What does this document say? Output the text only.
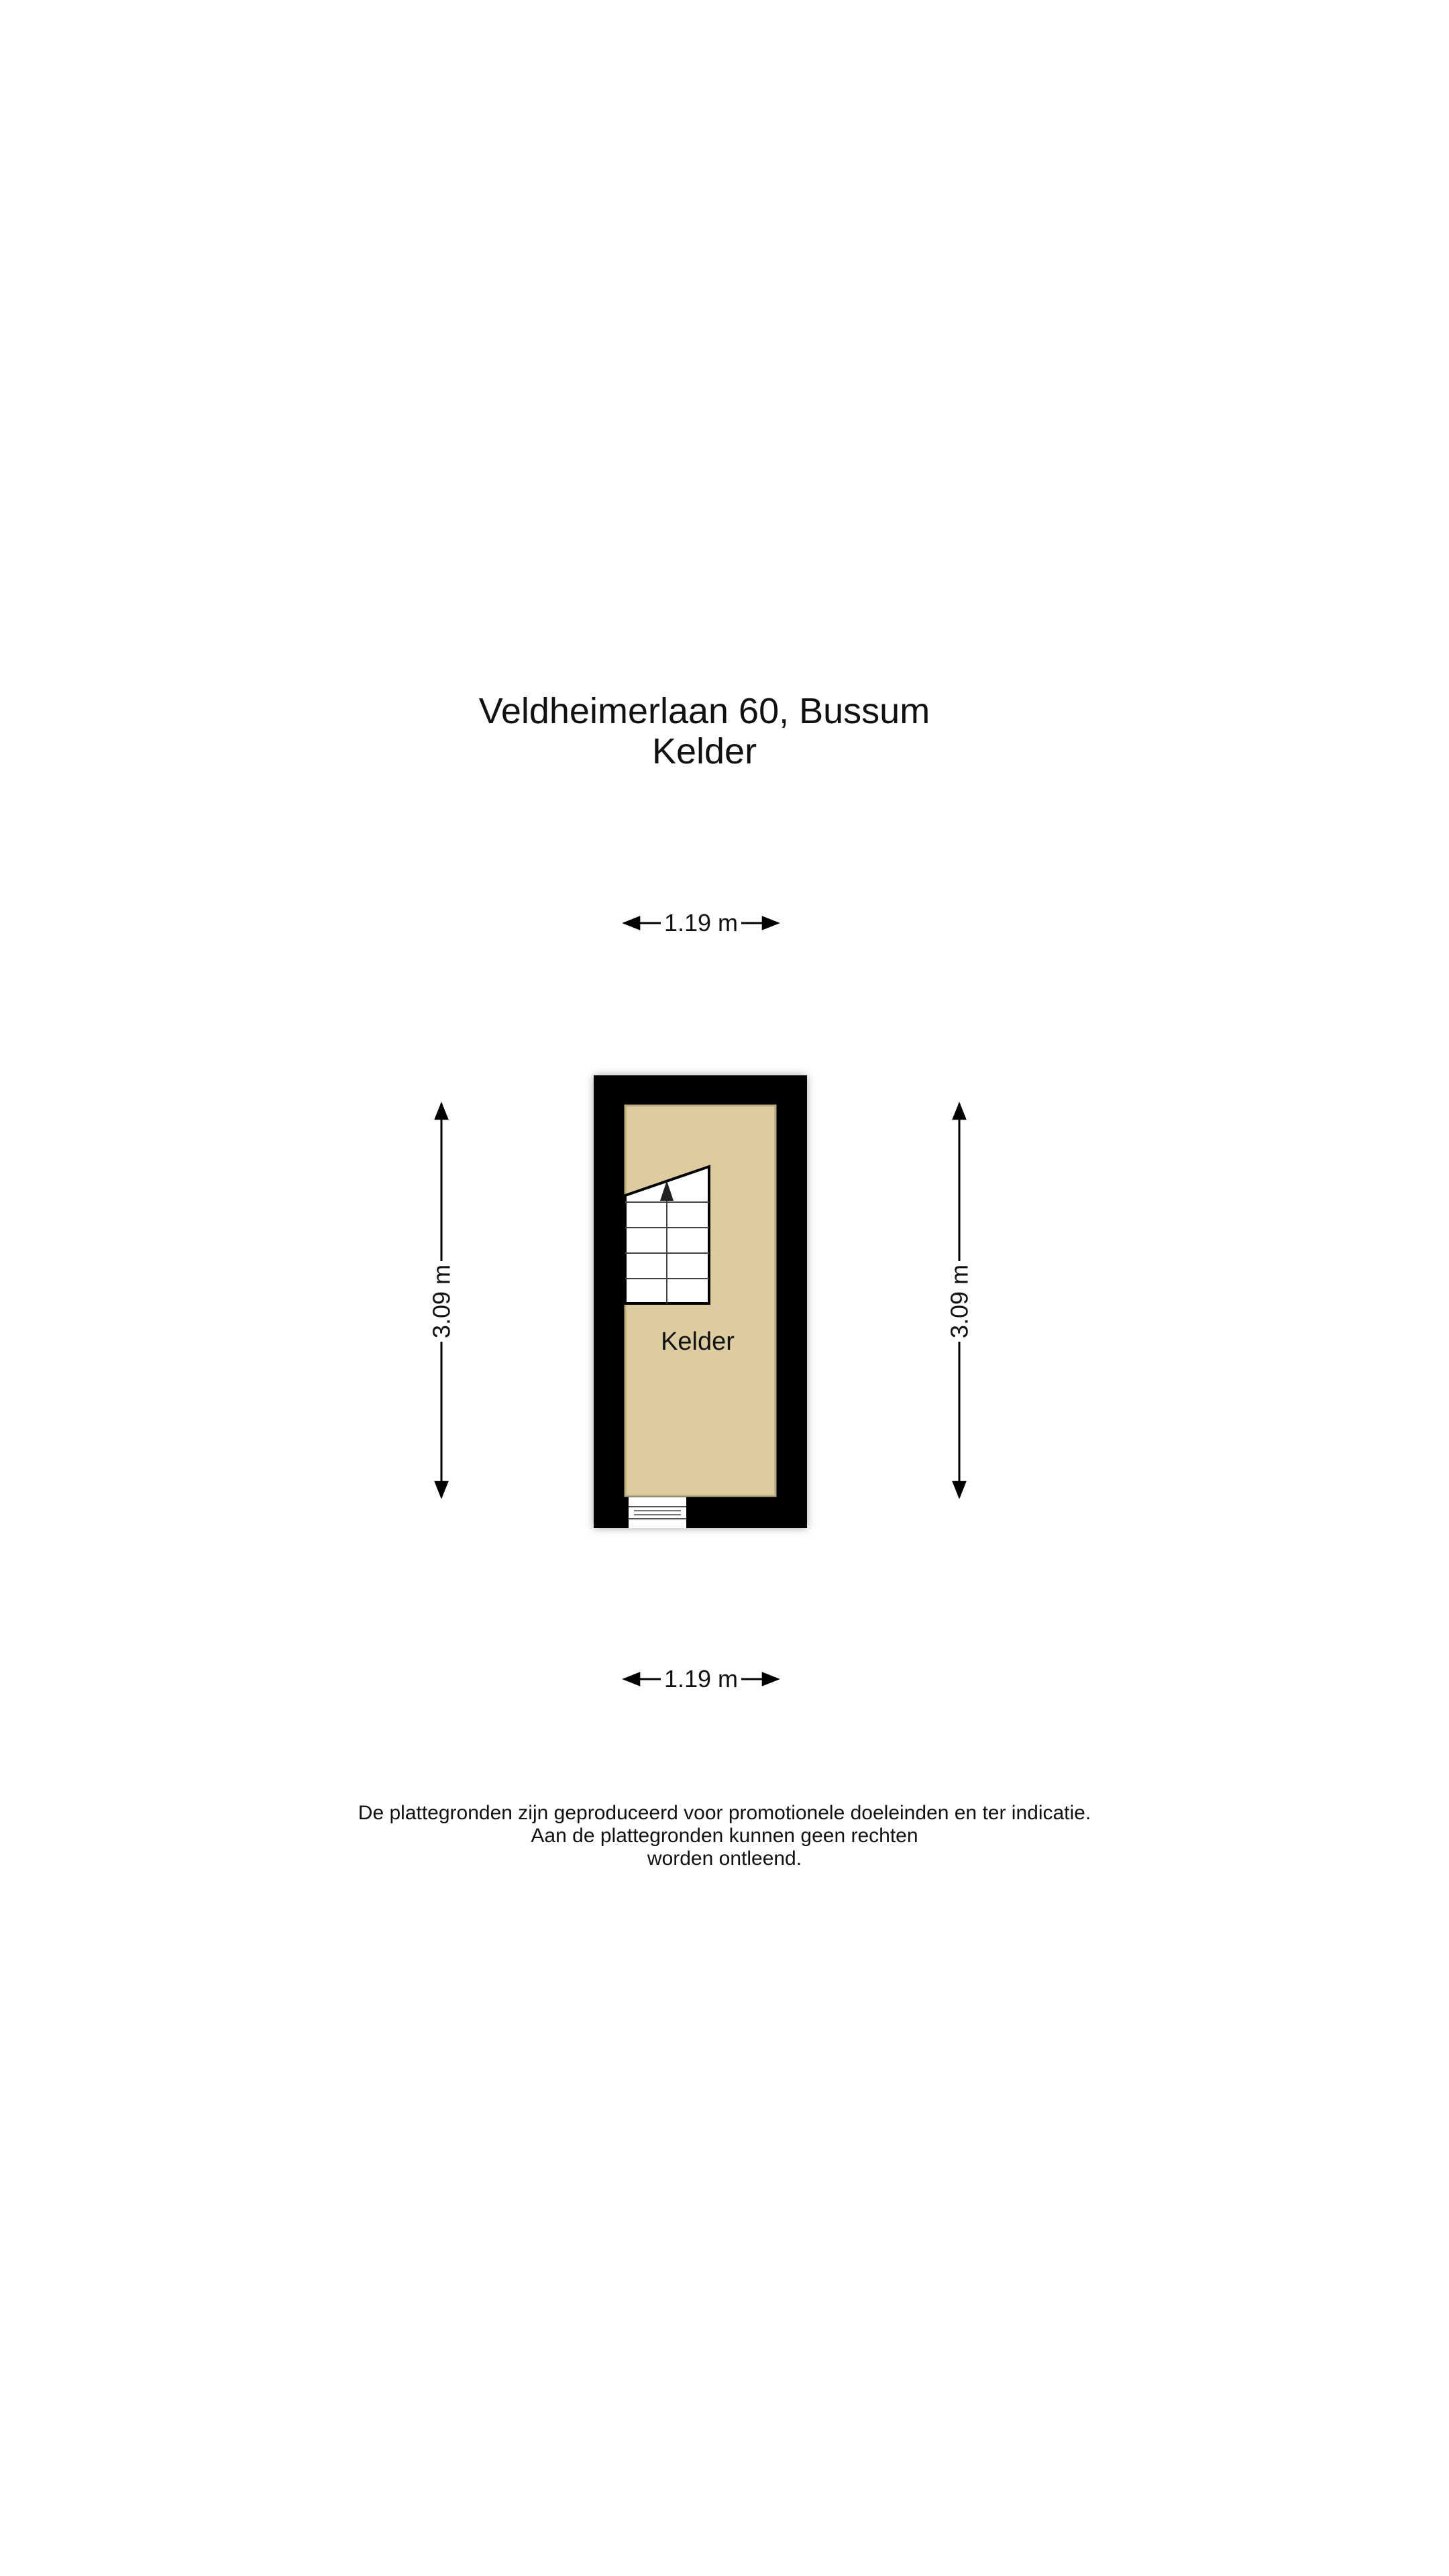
Veldheimerlaan 60, Bussum
Kelder
1.19 m
1.19 m
3.09 m	3.09 m
Kelder
De plattegronden zijn geproduceerd voor promotionele doeleinden en ter indicatie.
Aan de plattegronden kunnen geen rechten
worden ontleend.
